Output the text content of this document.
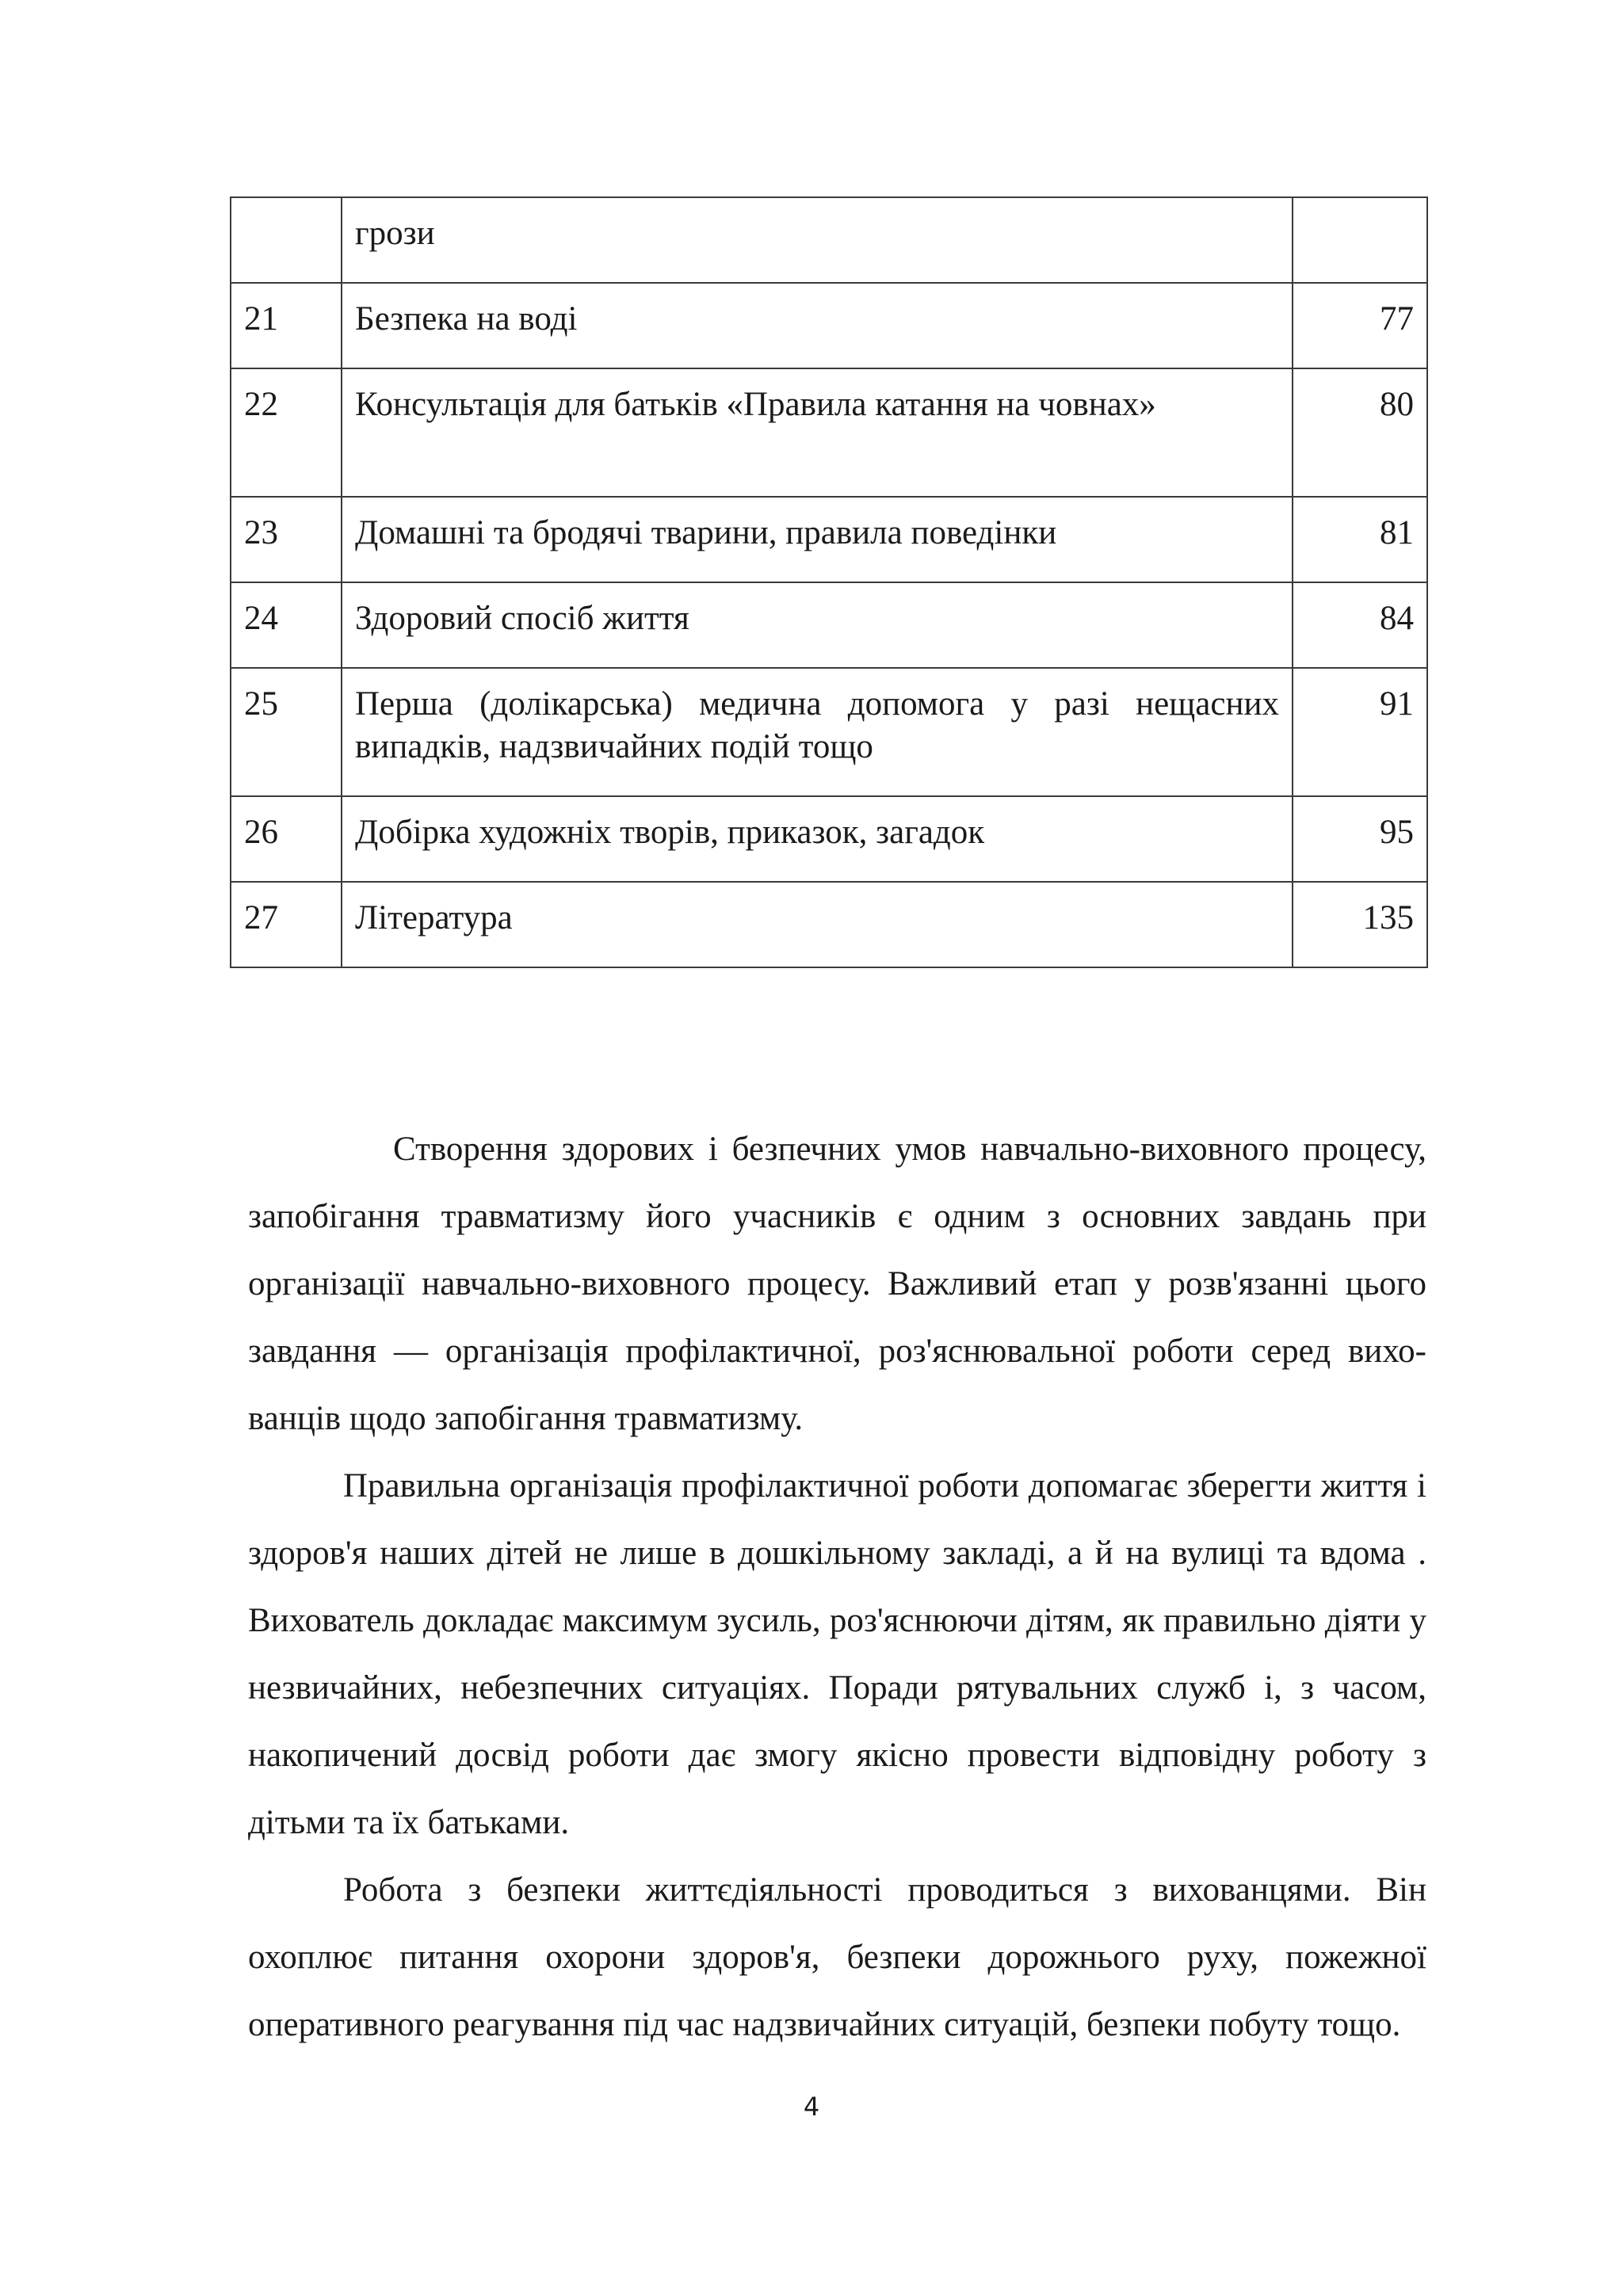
	грози	
21	Безпека на воді	77
22	Консультація для батьків «Правила катання на човнах»	80
23	Домашні та бродячі тварини, правила поведінки	81
24	Здоровий спосіб життя	84
25	Перша (долікарська) медична допомога у разі нещасних випадків, надзвичайних подій тощо	91
26	Добірка художніх творів, приказок, загадок	95
27	Література	135

Створення здорових і безпечних умов навчально-виховного процесу, запобігання травматизму його учасників є одним з основних завдань при організації навчально-виховного процесу. Важливий етап у розв'язанні цього завдання — організація профілактичної, роз'яснювальної роботи серед вихо-ванців щодо запобігання травматизму.

Правильна організація профілактичної роботи допомагає зберегти життя і здоров'я наших дітей не лише в дошкільному закладі, а й на вулиці та вдома . Вихователь докладає максимум зусиль, роз'яснюючи дітям, як правильно діяти у незвичайних, небезпечних ситуаціях. Поради рятувальних служб і, з часом, накопичений досвід роботи дає змогу якісно провести відповідну роботу з дітьми та їх батьками.

Робота з безпеки життєдіяльності проводиться з вихованцями. Він охоплює питання охорони здоров'я, безпеки дорожнього руху, пожежної оперативного реагування під час надзвичайних ситуацій, безпеки побуту тощо.

4
